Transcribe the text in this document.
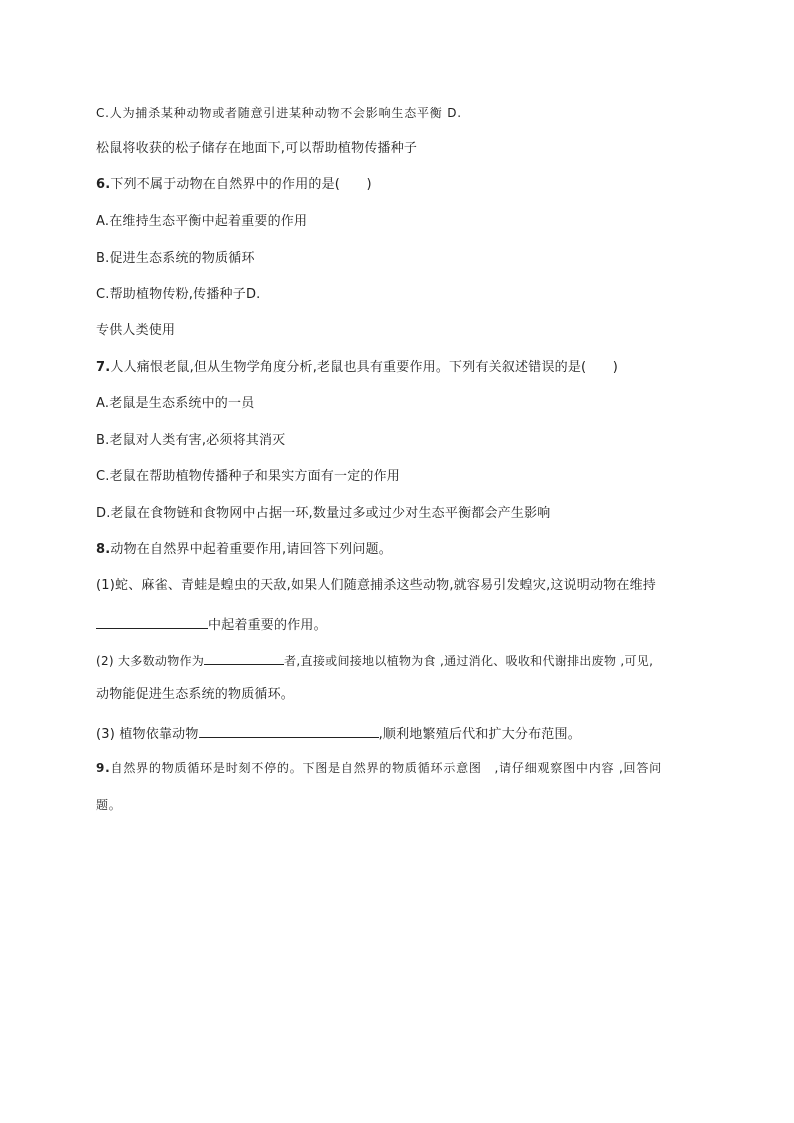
C.人为捕杀某种动物或者随意引进某种动物不会影响生态平衡 D.
松鼠将收获的松子储存在地面下,可以帮助植物传播种子
6.下列不属于动物在自然界中的作用的是(　　)
A.在维持生态平衡中起着重要的作用
B.促进生态系统的物质循环
C.帮助植物传粉,传播种子D.
专供人类使用
7.人人痛恨老鼠,但从生物学角度分析,老鼠也具有重要作用。下列有关叙述错误的是(　　)
A.老鼠是生态系统中的一员
B.老鼠对人类有害,必须将其消灭
C.老鼠在帮助植物传播种子和果实方面有一定的作用
D.老鼠在食物链和食物网中占据一环,数量过多或过少对生态平衡都会产生影响
8.动物在自然界中起着重要作用,请回答下列问题。
(1)蛇、麻雀、青蛙是蝗虫的天敌,如果人们随意捕杀这些动物,就容易引发蝗灾,这说明动物在维持
中起着重要的作用。
(2) 大多数动物作为	者,直接或间接地以植物为食 ,通过消化、吸收和代谢排出废物 ,可见,
动物能促进生态系统的物质循环。
(3) 植物依靠动物	,顺利地繁殖后代和扩大分布范围。
9.自然界的物质循环是时刻不停的。下图是自然界的物质循环示意图　,请仔细观察图中内容 ,回答问
题。
